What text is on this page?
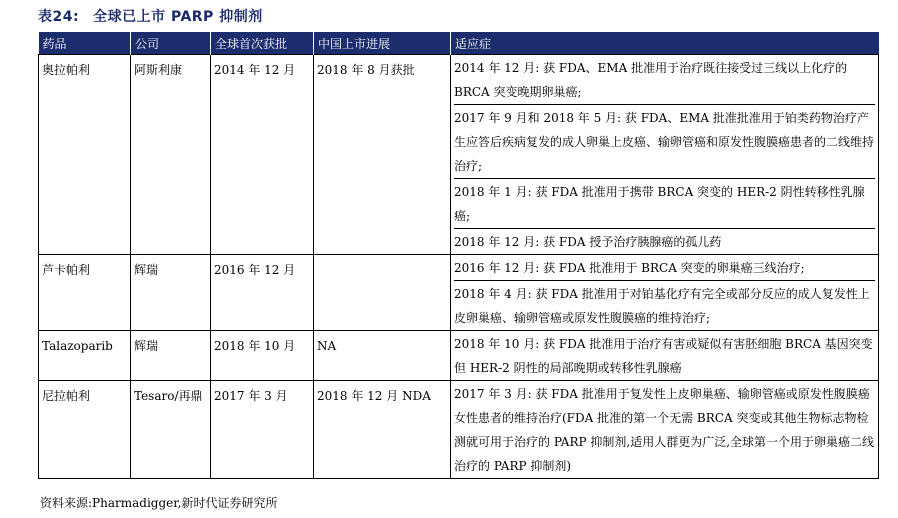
表24: 全球已上市 PARP 抑制剂
药品	公司	全球首次获批	中国上市进展	适应症
奥拉帕利	阿斯利康	2014 年 12 月	2018 年 8 月获批	2014 年 12 月: 获 FDA、EMA 批准用于治疗既往接受过三线以上化疗的 BRCA 突变晚期卵巢癌;
2017 年 9 月和 2018 年 5 月: 获 FDA、EMA 批准批准用于铂类药物治疗产生应答后疾病复发的成人卵巢上皮癌、输卵管癌和原发性腹膜癌患者的二线维持治疗;
2018 年 1 月: 获 FDA 批准用于携带 BRCA 突变的 HER-2 阴性转移性乳腺癌;
2018 年 12 月: 获 FDA 授予治疗胰腺癌的孤儿药

芦卡帕利	辉瑞	2016 年 12 月		2016 年 12 月: 获 FDA 批准用于 BRCA 突变的卵巢癌三线治疗;
2018 年 4 月: 获 FDA 批准用于对铂基化疗有完全或部分反应的成人复发性上皮卵巢癌、输卵管癌或原发性腹膜癌的维持治疗;

Talazoparib	辉瑞	2018 年 10 月	NA	2018 年 10 月: 获 FDA 批准用于治疗有害或疑似有害胚细胞 BRCA 基因突变但 HER-2 阴性的局部晚期或转移性乳腺癌

尼拉帕利	Tesaro/再鼎	2017 年 3 月	2018 年 12 月 NDA	2017 年 3 月: 获 FDA 批准用于复发性上皮卵巢癌、输卵管癌或原发性腹膜癌女性患者的维持治疗(FDA 批准的第一个无需 BRCA 突变或其他生物标志物检测就可用于治疗的 PARP 抑制剂,适用人群更为广泛,全球第一个用于卵巢癌二线治疗的 PARP 抑制剂)
资料来源:Pharmadigger,新时代证券研究所
